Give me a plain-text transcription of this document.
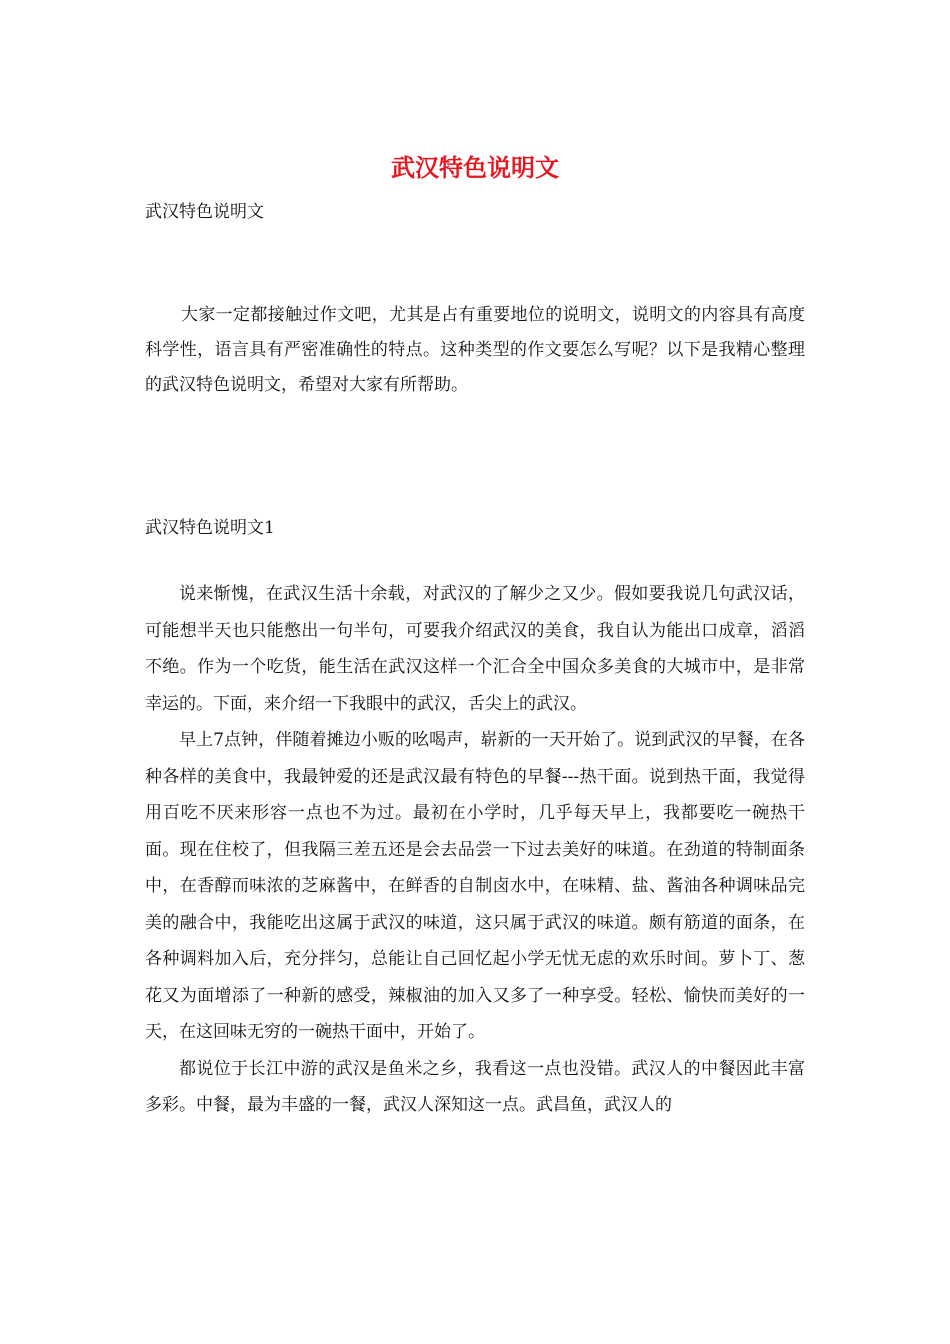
武汉特色说明文
武汉特色说明文

大家一定都接触过作文吧，尤其是占有重要地位的说明文，说明文的内容具有高度科学性，语言具有严密准确性的特点。这种类型的作文要怎么写呢？以下是我精心整理的武汉特色说明文，希望对大家有所帮助。

武汉特色说明文1

说来惭愧，在武汉生活十余载，对武汉的了解少之又少。假如要我说几句武汉话，可能想半天也只能憋出一句半句，可要我介绍武汉的美食，我自认为能出口成章，滔滔不绝。作为一个吃货，能生活在武汉这样一个汇合全中国众多美食的大城市中，是非常幸运的。下面，来介绍一下我眼中的武汉，舌尖上的武汉。

早上7点钟，伴随着摊边小贩的吆喝声，崭新的一天开始了。说到武汉的早餐，在各种各样的美食中，我最钟爱的还是武汉最有特色的早餐---热干面。说到热干面，我觉得用百吃不厌来形容一点也不为过。最初在小学时，几乎每天早上，我都要吃一碗热干面。现在住校了，但我隔三差五还是会去品尝一下过去美好的味道。在劲道的特制面条中，在香醇而味浓的芝麻酱中，在鲜香的自制卤水中，在味精、盐、酱油各种调味品完美的融合中，我能吃出这属于武汉的味道，这只属于武汉的味道。颇有筋道的面条，在各种调料加入后，充分拌匀，总能让自己回忆起小学无忧无虑的欢乐时间。萝卜丁、葱花又为面增添了一种新的感受，辣椒油的加入又多了一种享受。轻松、愉快而美好的一天，在这回味无穷的一碗热干面中，开始了。

都说位于长江中游的武汉是鱼米之乡，我看这一点也没错。武汉人的中餐因此丰富多彩。中餐，最为丰盛的一餐，武汉人深知这一点。武昌鱼，武汉人的
